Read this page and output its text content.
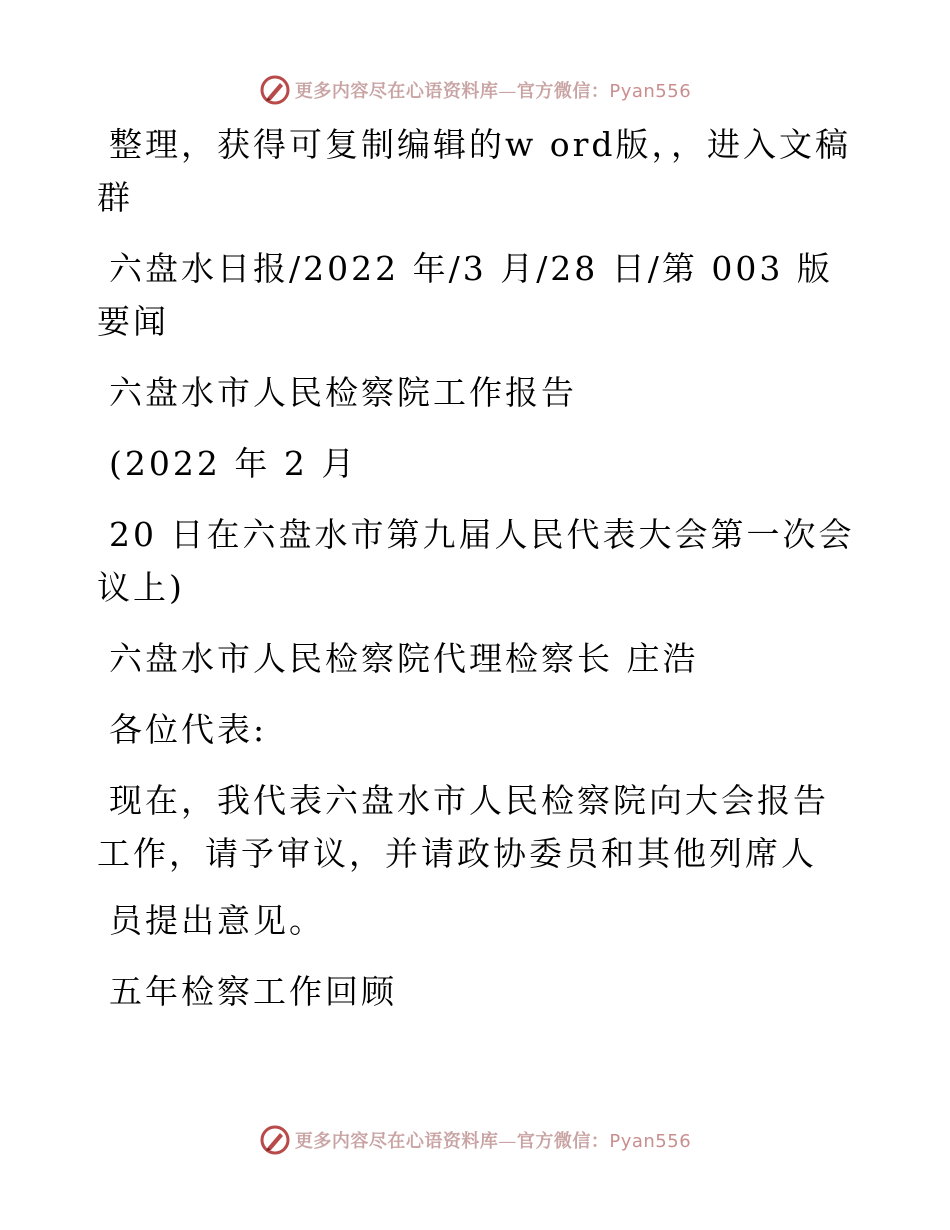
更多内容尽在心语资料库—官方微信：Pyan556

整理，获得可复制编辑的w ord版，，进入文稿群

六盘水日报/2022 年/3 月/28 日/第 003 版要闻

六盘水市人民检察院工作报告

(2022 年 2 月

20 日在六盘水市第九届人民代表大会第一次会议上)

六盘水市人民检察院代理检察长 庄浩

各位代表:

现在，我代表六盘水市人民检察院向大会报告工作，请予审议，并请政协委员和其他列席人

员提出意见。

五年检察工作回顾

更多内容尽在心语资料库—官方微信：Pyan556
